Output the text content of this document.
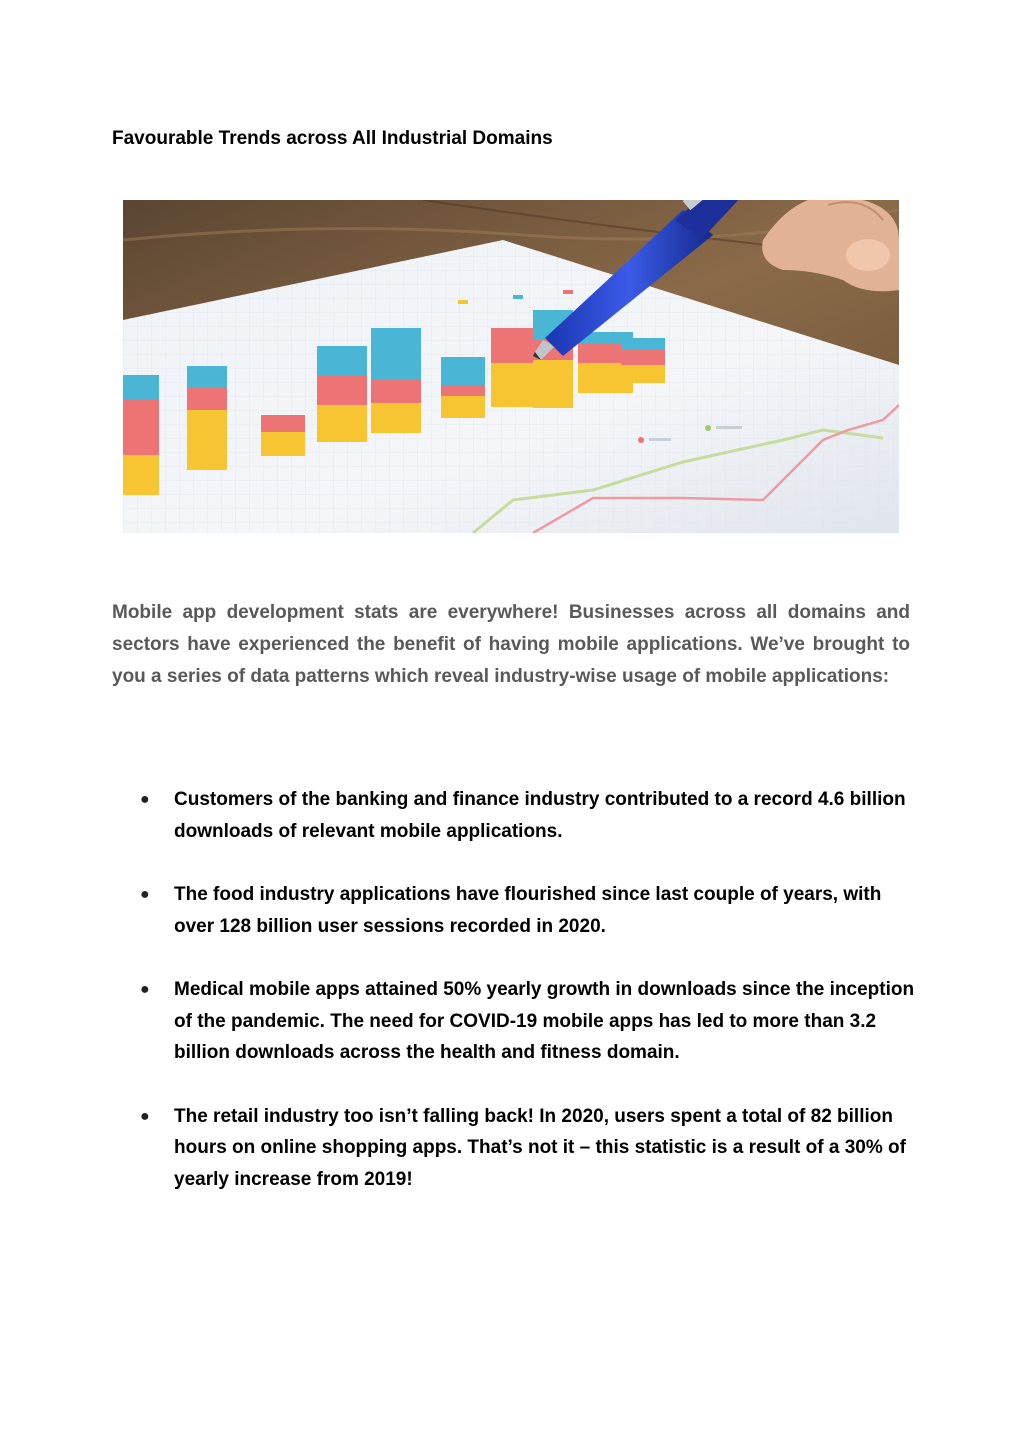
Favourable Trends across All Industrial Domains

Mobile app development stats are everywhere! Businesses across all domains and sectors have experienced the benefit of having mobile applications. We’ve brought to you a series of data patterns which reveal industry-wise usage of mobile applications:

● Customers of the banking and finance industry contributed to a record 4.6 billion downloads of relevant mobile applications.
● The food industry applications have flourished since last couple of years, with over 128 billion user sessions recorded in 2020.
● Medical mobile apps attained 50% yearly growth in downloads since the inception of the pandemic. The need for COVID-19 mobile apps has led to more than 3.2 billion downloads across the health and fitness domain.
● The retail industry too isn’t falling back! In 2020, users spent a total of 82 billion hours on online shopping apps. That’s not it – this statistic is a result of a 30% of yearly increase from 2019!
